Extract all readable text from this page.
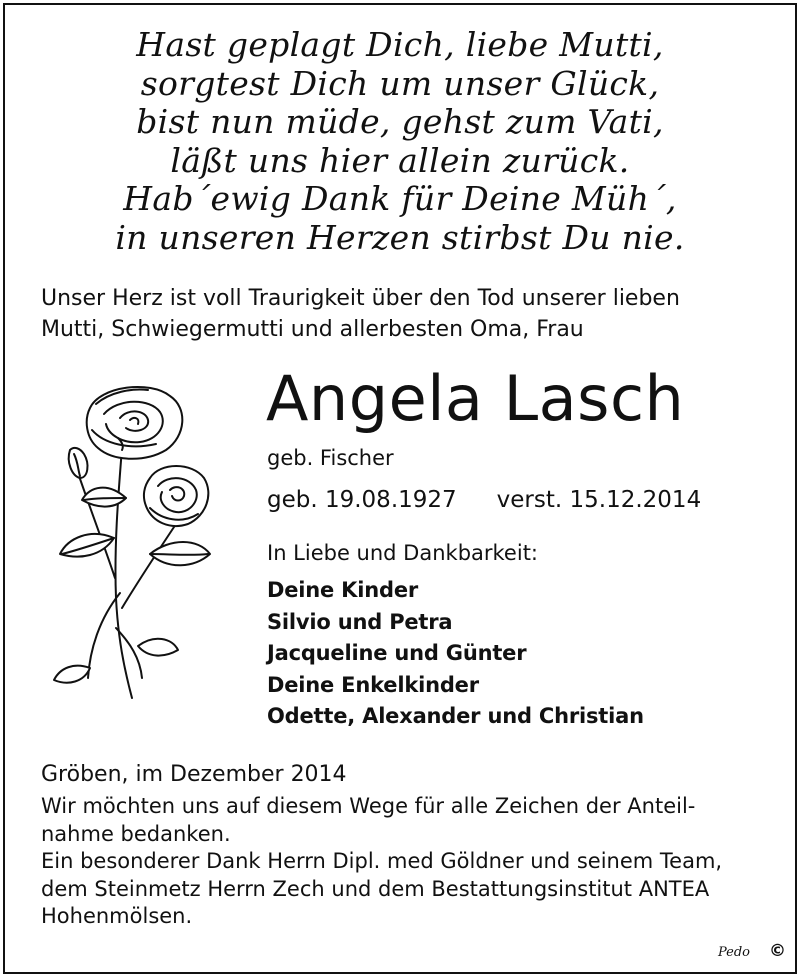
Hast geplagt Dich, liebe Mutti,
sorgtest Dich um unser Glück,
bist nun müde, gehst zum Vati,
läßt uns hier allein zurück.
Hab´ewig Dank für Deine Müh´,
in unseren Herzen stirbst Du nie.
Unser Herz ist voll Traurigkeit über den Tod unserer lieben
Mutti, Schwiegermutti und allerbesten Oma, Frau
Angela Lasch
geb. Fischer
geb. 19.08.1927 verst. 15.12.2014
In Liebe und Dankbarkeit:
Deine Kinder
Silvio und Petra
Jacqueline und Günter
Deine Enkelkinder
Odette, Alexander und Christian
Gröben, im Dezember 2014
Wir möchten uns auf diesem Wege für alle Zeichen der Anteil-
nahme bedanken.
Ein besonderer Dank Herrn Dipl. med Göldner und seinem Team,
dem Steinmetz Herrn Zech und dem Bestattungsinstitut ANTEA
Hohenmölsen.
Pedo ©
